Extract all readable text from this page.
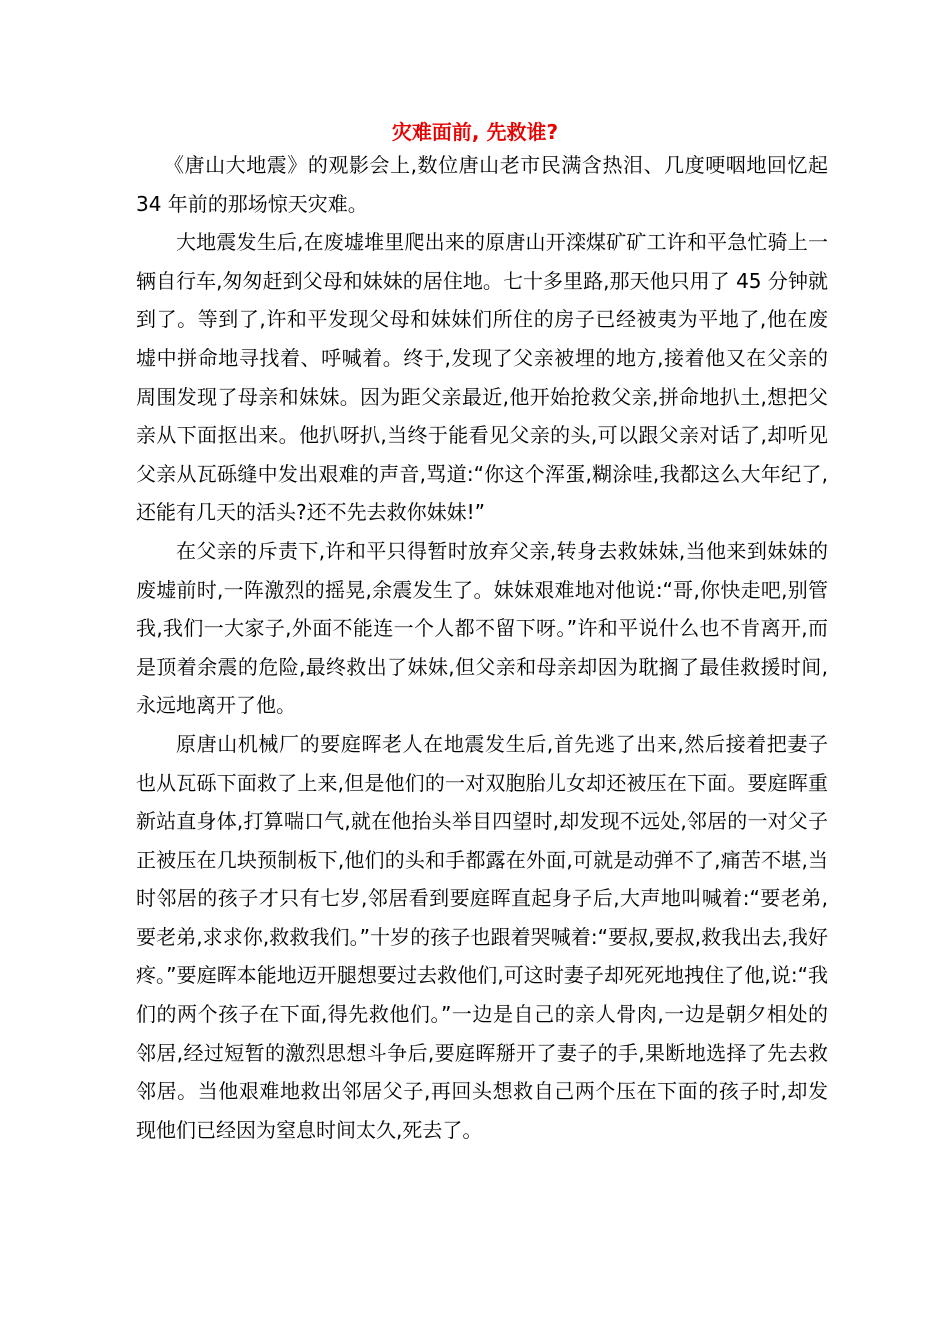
灾难面前, 先救谁?

《唐山大地震》的观影会上,数位唐山老市民满含热泪、几度哽咽地回忆起 34 年前的那场惊天灾难。

大地震发生后,在废墟堆里爬出来的原唐山开滦煤矿矿工许和平急忙骑上一辆自行车,匆匆赶到父母和妹妹的居住地。七十多里路,那天他只用了 45 分钟就到了。等到了,许和平发现父母和妹妹们所住的房子已经被夷为平地了,他在废墟中拼命地寻找着、呼喊着。终于,发现了父亲被埋的地方,接着他又在父亲的周围发现了母亲和妹妹。因为距父亲最近,他开始抢救父亲,拼命地扒土,想把父亲从下面抠出来。他扒呀扒,当终于能看见父亲的头,可以跟父亲对话了,却听见父亲从瓦砾缝中发出艰难的声音,骂道:“你这个浑蛋,糊涂哇,我都这么大年纪了,还能有几天的活头?还不先去救你妹妹!”

在父亲的斥责下,许和平只得暂时放弃父亲,转身去救妹妹,当他来到妹妹的废墟前时,一阵激烈的摇晃,余震发生了。妹妹艰难地对他说:“哥,你快走吧,别管我,我们一大家子,外面不能连一个人都不留下呀。”许和平说什么也不肯离开,而是顶着余震的危险,最终救出了妹妹,但父亲和母亲却因为耽搁了最佳救援时间,永远地离开了他。

原唐山机械厂的要庭晖老人在地震发生后,首先逃了出来,然后接着把妻子也从瓦砾下面救了上来,但是他们的一对双胞胎儿女却还被压在下面。要庭晖重新站直身体,打算喘口气,就在他抬头举目四望时,却发现不远处,邻居的一对父子正被压在几块预制板下,他们的头和手都露在外面,可就是动弹不了,痛苦不堪,当时邻居的孩子才只有七岁,邻居看到要庭晖直起身子后,大声地叫喊着:“要老弟,要老弟,求求你,救救我们。”十岁的孩子也跟着哭喊着:“要叔,要叔,救我出去,我好疼。”要庭晖本能地迈开腿想要过去救他们,可这时妻子却死死地拽住了他,说:“我们的两个孩子在下面,得先救他们。”一边是自己的亲人骨肉,一边是朝夕相处的邻居,经过短暂的激烈思想斗争后,要庭晖掰开了妻子的手,果断地选择了先去救邻居。当他艰难地救出邻居父子,再回头想救自己两个压在下面的孩子时,却发现他们已经因为窒息时间太久,死去了。
